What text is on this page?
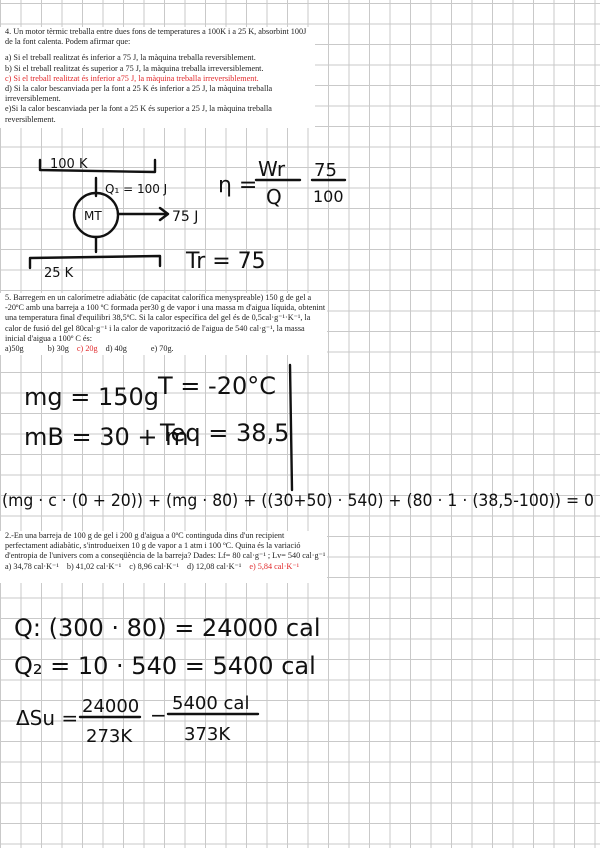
4. Un motor tèrmic treballa entre dues fons de temperatures a 100K i a 25 K, absorbint 100J de la font calenta. Podem afirmar que:

a) Si el treball realitzat és inferior a 75 J, la màquina treballa reversiblement.

b) Si el treball realitzat és superior a 75 J, la màquina treballa irreversiblement.

c) Si el treball realitzat és inferior a75 J, la màquina treballa irreversiblement.

d) Si la calor bescanviada per la font a 25 K és inferior a 25 J, la màquina treballa irreversiblement.

e)Si la calor bescanviada per la font a 25 K és superior a 25 J, la màquina treballa reversiblement.

5. Barregem en un calorímetre adiabàtic (de capacitat calorífica menyspreable) 150 g de gel a -20ºC amb una barreja a 100 ºC formada per30 g de vapor i una massa m d'aigua líquida, obtenint una temperatura final d'equilibri 38,5ºC. Si la calor específica del gel és de 0,5cal·g⁻¹·K⁻¹, la calor de fusió del gel 80cal·g⁻¹ i la calor de vaporització de l'aigua de 540 cal·g⁻¹, la massa inicial d'aigua a 100º C és:

a)50g	b) 30g c) 20g d) 40g	e) 70g.

2.-En una barreja de 100 g de gel i 200 g d'aigua a 0ºC continguda dins d'un recipient perfectament adiabàtic, s'introdueixen 10 g de vapor a 1 atm i 100 ºC. Quina és la variació d'entropia de l'univers com a conseqüència de la barreja? Dades: Lf= 80 cal·g⁻¹ ; Lv= 540 cal·g⁻¹

a) 34,78 cal·K⁻¹ b) 41,02 cal·K⁻¹ c) 8,96 cal·K⁻¹ d) 12,08 cal·K⁻¹ e) 5,84 cal·K⁻¹

100 K
Q₁ = 100 J
MT	75 J
25 K
η =
Wr
Q
75
100
Tr = 75
mg = 150g
T = -20°C
mB = 30 + m
Teq = 38,5
(mg · c · (0 + 20)) + (mg · 80) + ((30+50) · 540) + (80 · 1 · (38,5-100)) = 0
Q: (300 · 80) = 24000 cal
Q₂ = 10 · 540 = 5400 cal
ΔSu = 24000
273K
− 5400 cal
373K
